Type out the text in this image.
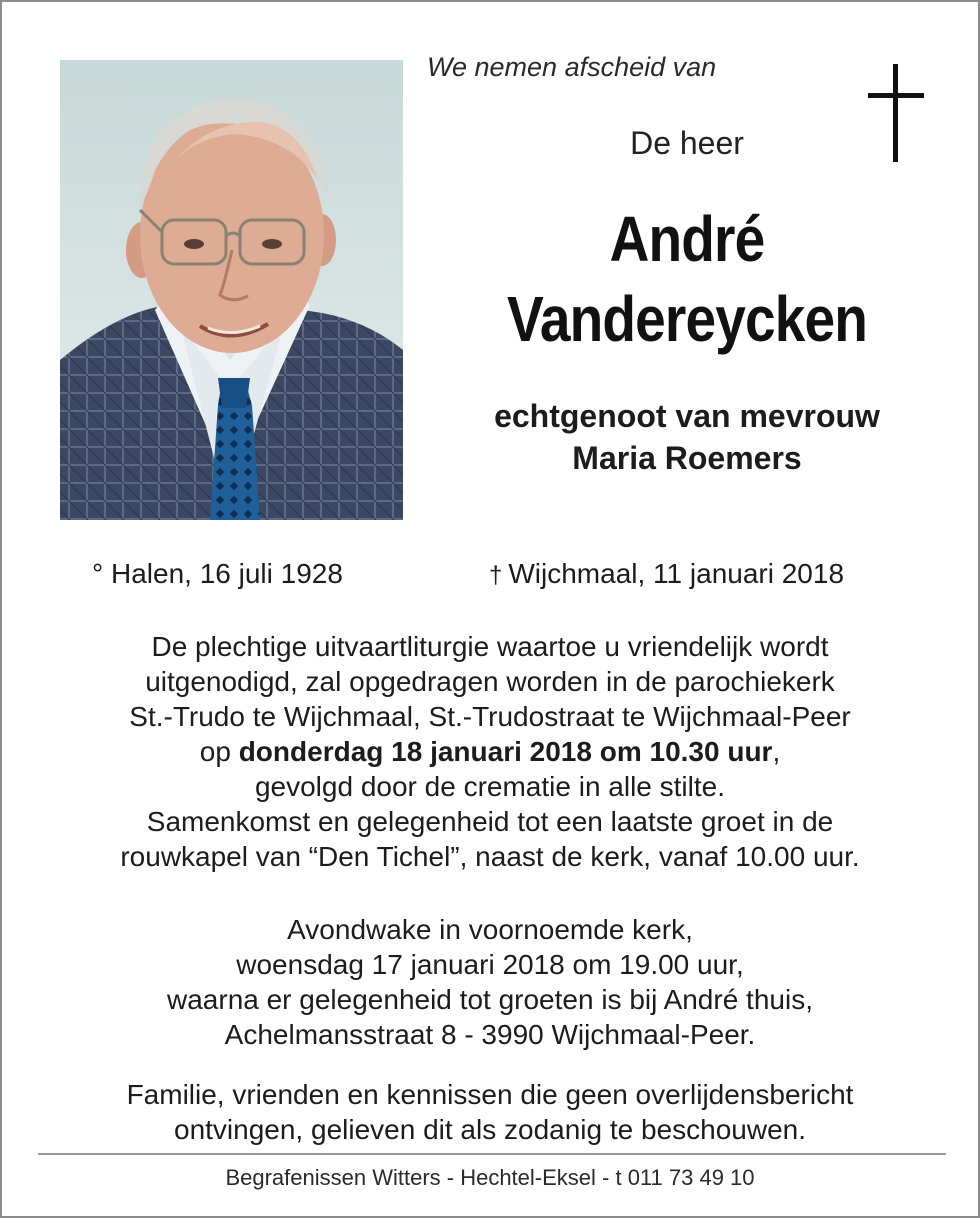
We nemen afscheid van
De heer
André
Vandereycken
echtgenoot van mevrouw
Maria Roemers
° Halen, 16 juli 1928	† Wijchmaal, 11 januari 2018
De plechtige uitvaartliturgie waartoe u vriendelijk wordt
uitgenodigd, zal opgedragen worden in de parochiekerk
St.-Trudo te Wijchmaal, St.-Trudostraat te Wijchmaal-Peer
op donderdag 18 januari 2018 om 10.30 uur,
gevolgd door de crematie in alle stilte.
Samenkomst en gelegenheid tot een laatste groet in de
rouwkapel van “Den Tichel”, naast de kerk, vanaf 10.00 uur.
Avondwake in voornoemde kerk,
woensdag 17 januari 2018 om 19.00 uur,
waarna er gelegenheid tot groeten is bij André thuis,
Achelmansstraat 8 - 3990 Wijchmaal-Peer.
Familie, vrienden en kennissen die geen overlijdensbericht
ontvingen, gelieven dit als zodanig te beschouwen.
Begrafenissen Witters - Hechtel-Eksel - t 011 73 49 10
